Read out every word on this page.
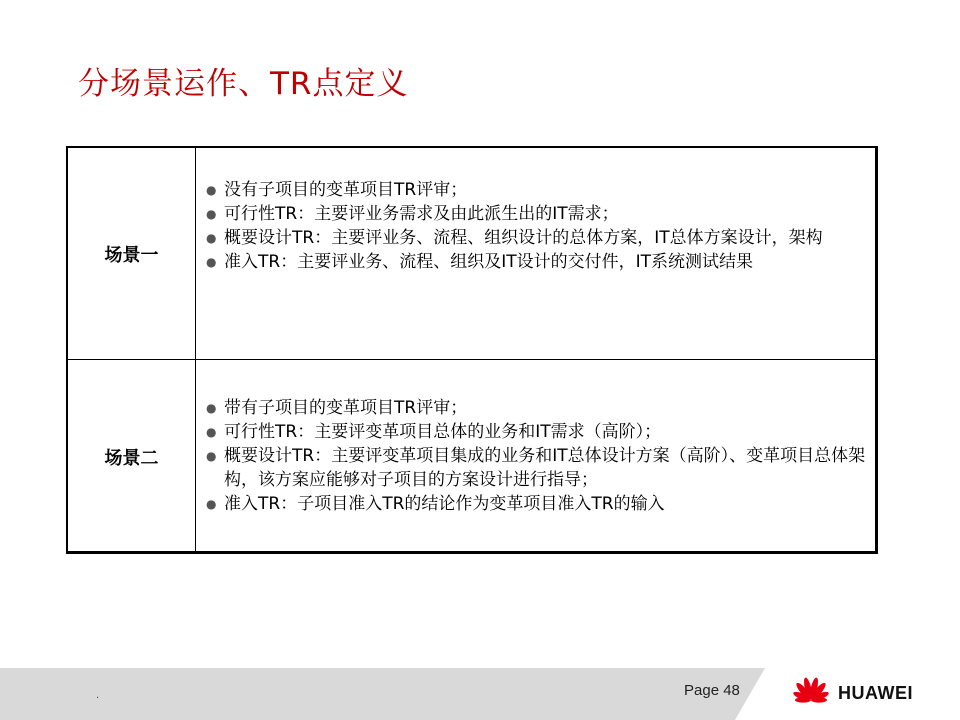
分场景运作、TR点定义
场景一
● 没有子项目的变革项目TR评审；
● 可行性TR：主要评业务需求及由此派生出的IT需求；
● 概要设计TR：主要评业务、流程、组织设计的总体方案，IT总体方案设计，架构
● 准入TR：主要评业务、流程、组织及IT设计的交付件，IT系统测试结果
场景二
● 带有子项目的变革项目TR评审；
● 可行性TR：主要评变革项目总体的业务和IT需求（高阶）；
● 概要设计TR：主要评变革项目集成的业务和IT总体设计方案（高阶）、变革项目总体架构，该方案应能够对子项目的方案设计进行指导；
● 准入TR：子项目准入TR的结论作为变革项目准入TR的输入
.	Page 48	HUAWEI
